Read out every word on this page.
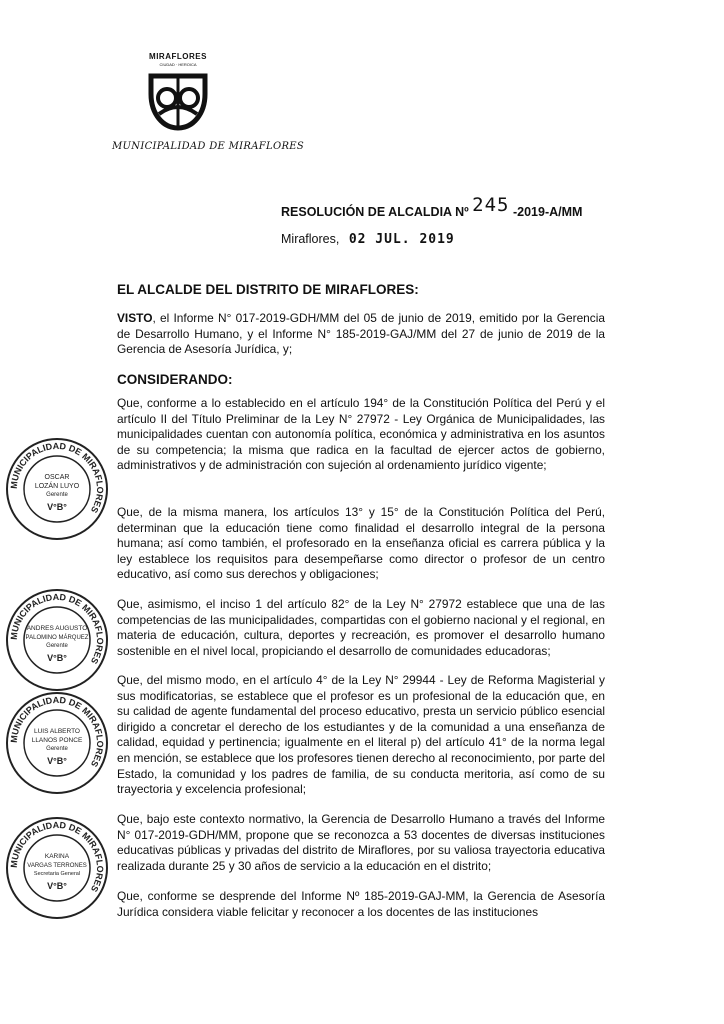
MIRAFLORES
CIUDAD · HEROICA
MUNICIPALIDAD DE MIRAFLORES
RESOLUCIÓN DE ALCALDIA Nº 245 -2019-A/MM
Miraflores, 02 JUL. 2019
EL ALCALDE DEL DISTRITO DE MIRAFLORES:
VISTO, el Informe N° 017-2019-GDH/MM del 05 de junio de 2019, emitido por la Gerencia de Desarrollo Humano, y el Informe N° 185-2019-GAJ/MM del 27 de junio de 2019 de la Gerencia de Asesoría Jurídica, y;
CONSIDERANDO:
Que, conforme a lo establecido en el artículo 194° de la Constitución Política del Perú y el artículo II del Título Preliminar de la Ley N° 27972 - Ley Orgánica de Municipalidades, las municipalidades cuentan con autonomía política, económica y administrativa en los asuntos de su competencia; la misma que radica en la facultad de ejercer actos de gobierno, administrativos y de administración con sujeción al ordenamiento jurídico vigente;
Que, de la misma manera, los artículos 13° y 15° de la Constitución Política del Perú, determinan que la educación tiene como finalidad el desarrollo integral de la persona humana; así como también, el profesorado en la enseñanza oficial es carrera pública y la ley establece los requisitos para desempeñarse como director o profesor de un centro educativo, así como sus derechos y obligaciones;
Que, asimismo, el inciso 1 del artículo 82° de la Ley N° 27972 establece que una de las competencias de las municipalidades, compartidas con el gobierno nacional y el regional, en materia de educación, cultura, deportes y recreación, es promover el desarrollo humano sostenible en el nivel local, propiciando el desarrollo de comunidades educadoras;
Que, del mismo modo, en el artículo 4° de la Ley N° 29944 - Ley de Reforma Magisterial y sus modificatorias, se establece que el profesor es un profesional de la educación que, en su calidad de agente fundamental del proceso educativo, presta un servicio público esencial dirigido a concretar el derecho de los estudiantes y de la comunidad a una enseñanza de calidad, equidad y pertinencia; igualmente en el literal p) del artículo 41° de la norma legal en mención, se establece que los profesores tienen derecho al reconocimiento, por parte del Estado, la comunidad y los padres de familia, de su conducta meritoria, así como de su trayectoria y excelencia profesional;
Que, bajo este contexto normativo, la Gerencia de Desarrollo Humano a través del Informe N° 017-2019-GDH/MM, propone que se reconozca a 53 docentes de diversas instituciones educativas públicas y privadas del distrito de Miraflores, por su valiosa trayectoria educativa realizada durante 25 y 30 años de servicio a la educación en el distrito;
Que, conforme se desprende del Informe Nº 185-2019-GAJ-MM, la Gerencia de Asesoría Jurídica considera viable felicitar y reconocer a los docentes de las instituciones
MUNICIPALIDAD DE MIRAFLORES
OSCAR
LOZÁN LUYO
Gerente
V°B°
MUNICIPALIDAD DE MIRAFLORES
ANDRES AUGUSTO
PALOMINO MÁRQUEZ
Gerente
V°B°
MUNICIPALIDAD DE MIRAFLORES
LUIS ALBERTO
LLANOS PONCE
Gerente
V°B°
MUNICIPALIDAD DE MIRAFLORES
KARINA
VARGAS TERRONES
Secretaria General
V°B°
